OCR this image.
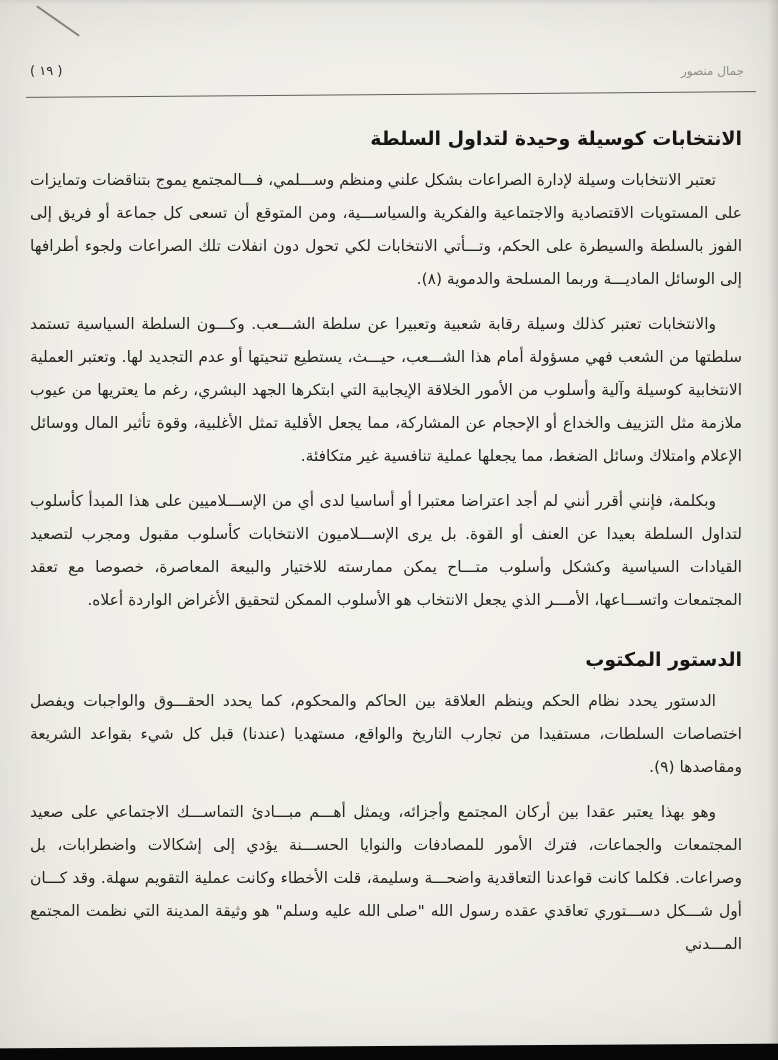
( ١٩ )	جمال منصور
الانتخابات كوسيلة وحيدة لتداول السلطة

تعتبر الانتخابات وسيلة لإدارة الصراعات بشكل علني ومنظم وســـلمي، فـــالمجتمع يموج بتناقضات وتمايزات على المستويات الاقتصادية والاجتماعية والفكرية والسياســـية، ومن المتوقع أن تسعى كل جماعة أو فريق إلى الفوز بالسلطة والسيطرة على الحكم، وتـــأتي الانتخابات لكي تحول دون انفلات تلك الصراعات ولجوء أطرافها إلى الوسائل الماديـــة وربما المسلحة والدموية (٨).

والانتخابات تعتبر كذلك وسيلة رقابة شعبية وتعبيرا عن سلطة الشـــعب. وكـــون السلطة السياسية تستمد سلطتها من الشعب فهي مسؤولة أمام هذا الشـــعب، حيـــث، يستطيع تنحيتها أو عدم التجديد لها. وتعتبر العملية الانتخابية كوسيلة وآلية وأسلوب من الأمور الخلاقة الإيجابية التي ابتكرها الجهد البشري، رغم ما يعتريها من عيوب ملازمة مثل التزييف والخداع أو الإحجام عن المشاركة، مما يجعل الأقلية تمثل الأغلبية، وقوة تأثير المال ووسائل الإعلام وامتلاك وسائل الضغط، مما يجعلها عملية تنافسية غير متكافئة.

وبكلمة، فإنني أقرر أنني لم أجد اعتراضا معتبرا أو أساسيا لدى أي من الإســـلاميين على هذا المبدأ كأسلوب لتداول السلطة بعيدا عن العنف أو القوة. بل يرى الإســـلاميون الانتخابات كأسلوب مقبول ومجرب لتصعيد القيادات السياسية وكشكل وأسلوب متـــاح يمكن ممارسته للاختيار والبيعة المعاصرة، خصوصا مع تعقد المجتمعات واتســـاعها، الأمـــر الذي يجعل الانتخاب هو الأسلوب الممكن لتحقيق الأغراض الواردة أعلاه.

الدستور المكتوب

الدستور يحدد نظام الحكم وينظم العلاقة بين الحاكم والمحكوم، كما يحدد الحقـــوق والواجبات ويفصل اختصاصات السلطات، مستفيدا من تجارب التاريخ والواقع، مستهديا (عندنا) قبل كل شيء بقواعد الشريعة ومقاصدها (٩).

وهو بهذا يعتبر عقدا بين أركان المجتمع وأجزائه، ويمثل أهـــم مبـــادئ التماســـك الاجتماعي على صعيد المجتمعات والجماعات، فترك الأمور للمصادفات والنوايا الحســـنة يؤدي إلى إشكالات واضطرابات، بل وصراعات. فكلما كانت قواعدنا التعاقدية واضحـــة وسليمة، قلت الأخطاء وكانت عملية التقويم سهلة. وقد كـــان أول شـــكل دســـتوري تعاقدي عقده رسول الله "صلى الله عليه وسلم" هو وثيقة المدينة التي نظمت المجتمع المـــدني
